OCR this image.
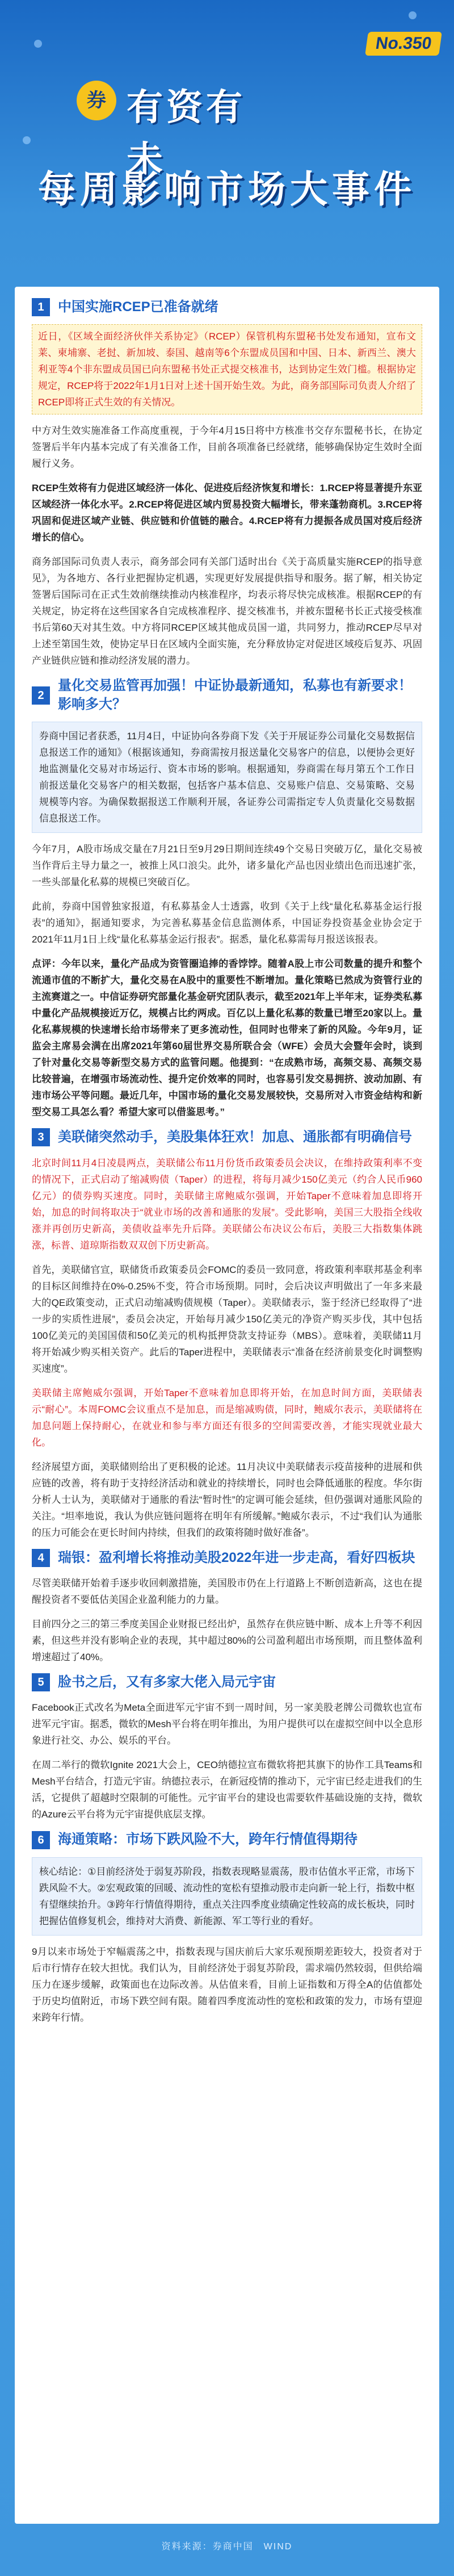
No.350
券 有资有未
每周影响市场大事件
1	中国实施RCEP已准备就绪

近日，《区域全面经济伙伴关系协定》（RCEP）保管机构东盟秘书处发布通知，宣布文莱、柬埔寨、老挝、新加坡、泰国、越南等6个东盟成员国和中国、日本、新西兰、澳大利亚等4个非东盟成员国已向东盟秘书处正式提交核准书，达到协定生效门槛。根据协定规定，RCEP将于2022年1月1日对上述十国开始生效。为此，商务部国际司负责人介绍了RCEP即将正式生效的有关情况。

中方对生效实施准备工作高度重视，于今年4月15日将中方核准书交存东盟秘书长，在协定签署后半年内基本完成了有关准备工作，目前各项准备已经就绪，能够确保协定生效时全面履行义务。

RCEP生效将有力促进区域经济一体化、促进疫后经济恢复和增长：1.RCEP将显著提升东亚区域经济一体化水平。2.RCEP将促进区域内贸易投资大幅增长，带来蓬勃商机。3.RCEP将巩固和促进区域产业链、供应链和价值链的融合。4.RCEP将有力提振各成员国对疫后经济增长的信心。

商务部国际司负责人表示，商务部会同有关部门适时出台《关于高质量实施RCEP的指导意见》，为各地方、各行业把握协定机遇，实现更好发展提供指导和服务。据了解，相关协定签署后国际司在正式生效前继续推动内核准程序，均表示将尽快完成核准。根据RCEP的有关规定，协定将在这些国家各自完成核准程序、提交核准书，并被东盟秘书长正式接受核准书后第60天对其生效。中方将同RCEP区域其他成员国一道，共同努力，推动RCEP尽早对上述至第国生效，使协定早日在区域内全面实施，充分释放协定对促进区域疫后复苏、巩固产业链供应链和推动经济发展的潜力。

2
量化交易监管再加强！中证协最新通知，私募也有新要求！影响多大？

券商中国记者获悉，11月4日，中证协向各券商下发《关于开展证券公司量化交易数据信息报送工作的通知》（根据该通知，券商需按月报送量化交易客户的信息，以便协会更好地监测量化交易对市场运行、资本市场的影响。根据通知，券商需在每月第五个工作日前报送量化交易客户的相关数据，包括客户基本信息、交易账户信息、交易策略、交易规模等内容。为确保数据报送工作顺利开展，各证券公司需指定专人负责量化交易数据信息报送工作。

今年7月，A股市场成交量在7月21日至9月29日期间连续49个交易日突破万亿，量化交易被当作背后主导力量之一，被推上风口浪尖。此外，诸多量化产品也因业绩出色而迅速扩张，一些头部量化私募的规模已突破百亿。

此前，券商中国曾独家报道，有私募基金人士透露，收到《关于上线“量化私募基金运行报表”的通知》，据通知要求，为完善私募基金信息监测体系，中国证券投资基金业协会定于2021年11月1日上线“量化私募基金运行报表”。据悉，量化私募需每月报送该报表。

点评：今年以来，量化产品成为资管圈追捧的香饽饽。随着A股上市公司数量的提升和整个流通市值的不断扩大，量化交易在A股中的重要性不断增加。量化策略已然成为资管行业的主流赛道之一。中信证券研究部量化基金研究团队表示，截至2021年上半年末，证券类私募中量化产品规模接近万亿，规模占比约两成。百亿以上量化私募的数量已增至20家以上。量化私募规模的快速增长给市场带来了更多流动性，但同时也带来了新的风险。今年9月，证监会主席易会满在出席2021年第60届世界交易所联合会（WFE）会员大会暨年会时，谈到了针对量化交易等新型交易方式的监管问题。他提到：“在成熟市场，高频交易、高频交易比较普遍，在增强市场流动性、提升定价效率的同时，也容易引发交易拥挤、波动加剧、有违市场公平等问题。最近几年，中国市场的量化交易发展较快，交易所对入市资金结构和新型交易工具怎么看？希望大家可以借鉴思考。”

3	美联储突然动手，美股集体狂欢！加息、通胀都有明确信号

北京时间11月4日凌晨两点，美联储公布11月份货币政策委员会决议，在维持政策利率不变的情况下，正式启动了缩减购债（Taper）的进程，将每月减少150亿美元（约合人民币960亿元）的债券购买速度。同时，美联储主席鲍威尔强调，开始Taper不意味着加息即将开始，加息的时间将取决于“就业市场的改善和通胀的发展”。受此影响，美国三大股指全线收涨并再创历史新高，美债收益率先升后降。美联储公布决议公布后，美股三大指数集体跳涨，标普、道琼斯指数双双创下历史新高。

首先，美联储官宣，联储货币政策委员会FOMC的委员一致同意，将政策利率联邦基金利率的目标区间维持在0%-0.25%不变，符合市场预期。同时，会后决议声明做出了一年多来最大的QE政策变动，正式启动缩减购债规模（Taper）。美联储表示，鉴于经济已经取得了“进一步的实质性进展”，委员会决定，开始每月减少150亿美元的净资产购买步伐，其中包括100亿美元的美国国债和50亿美元的机构抵押贷款支持证券（MBS）。意味着，美联储11月将开始减少购买相关资产。此后的Taper进程中，美联储表示“准备在经济前景变化时调整购买速度”。

美联储主席鲍威尔强调，开始Taper不意味着加息即将开始，在加息时间方面，美联储表示“耐心”。本周FOMC会议重点不是加息，而是缩减购债，同时，鲍威尔表示，美联储将在加息问题上保持耐心，在就业和参与率方面还有很多的空间需要改善，才能实现就业最大化。

经济展望方面，美联储则给出了更积极的论述。11月决议中美联储表示疫苗接种的进展和供应链的改善，将有助于支持经济活动和就业的持续增长，同时也会降低通胀的程度。华尔街分析人士认为，美联储对于通胀的看法“暂时性”的定调可能会延续，但仍强调对通胀风险的关注。“坦率地说，我认为供应链问题将在明年有所缓解。”鲍威尔表示，不过“我们认为通胀的压力可能会在更长时间内持续，但我们的政策将随时做好准备”。

4	瑞银：盈利增长将推动美股2022年进一步走高，看好四板块

尽管美联储开始着手逐步收回刺激措施，美国股市仍在上行道路上不断创造新高，这也在提醒投资者不要低估美国企业盈利能力的力量。

目前四分之三的第三季度美国企业财报已经出炉，虽然存在供应链中断、成本上升等不利因素，但这些并没有影响企业的表现，其中超过80%的公司盈利超出市场预期，而且整体盈利增速超过了40%。

5	脸书之后，又有多家大佬入局元宇宙

Facebook正式改名为Meta全面进军元宇宙不到一周时间，另一家美股老牌公司微软也宣布进军元宇宙。据悉，微软的Mesh平台将在明年推出，为用户提供可以在虚拟空间中以全息形象进行社交、办公、娱乐的平台。

在周二举行的微软Ignite 2021大会上，CEO纳德拉宣布微软将把其旗下的协作工具Teams和Mesh平台结合，打造元宇宙。纳德拉表示，在新冠疫情的推动下，元宇宙已经走进我们的生活，它提供了超越时空限制的可能性。元宇宙平台的建设也需要软件基础设施的支持，微软的Azure云平台将为元宇宙提供底层支撑。

6	海通策略：市场下跌风险不大，跨年行情值得期待

核心结论：①目前经济处于弱复苏阶段，指数表现略显震荡，股市估值水平正常，市场下跌风险不大。②宏观政策的回暖、流动性的宽松有望推动股市走向新一轮上行，指数中枢有望继续抬升。③跨年行情值得期待，重点关注四季度业绩确定性较高的成长板块，同时把握估值修复机会，维持对大消费、新能源、军工等行业的看好。

9月以来市场处于窄幅震荡之中，指数表现与国庆前后大家乐观预期差距较大，投资者对于后市行情存在较大担忧。我们认为，目前经济处于弱复苏阶段，需求端仍然较弱，但供给端压力在逐步缓解，政策面也在边际改善。从估值来看，目前上证指数和万得全A的估值都处于历史均值附近，市场下跌空间有限。随着四季度流动性的宽松和政策的发力，市场有望迎来跨年行情。

资料来源：券商中国　WIND
